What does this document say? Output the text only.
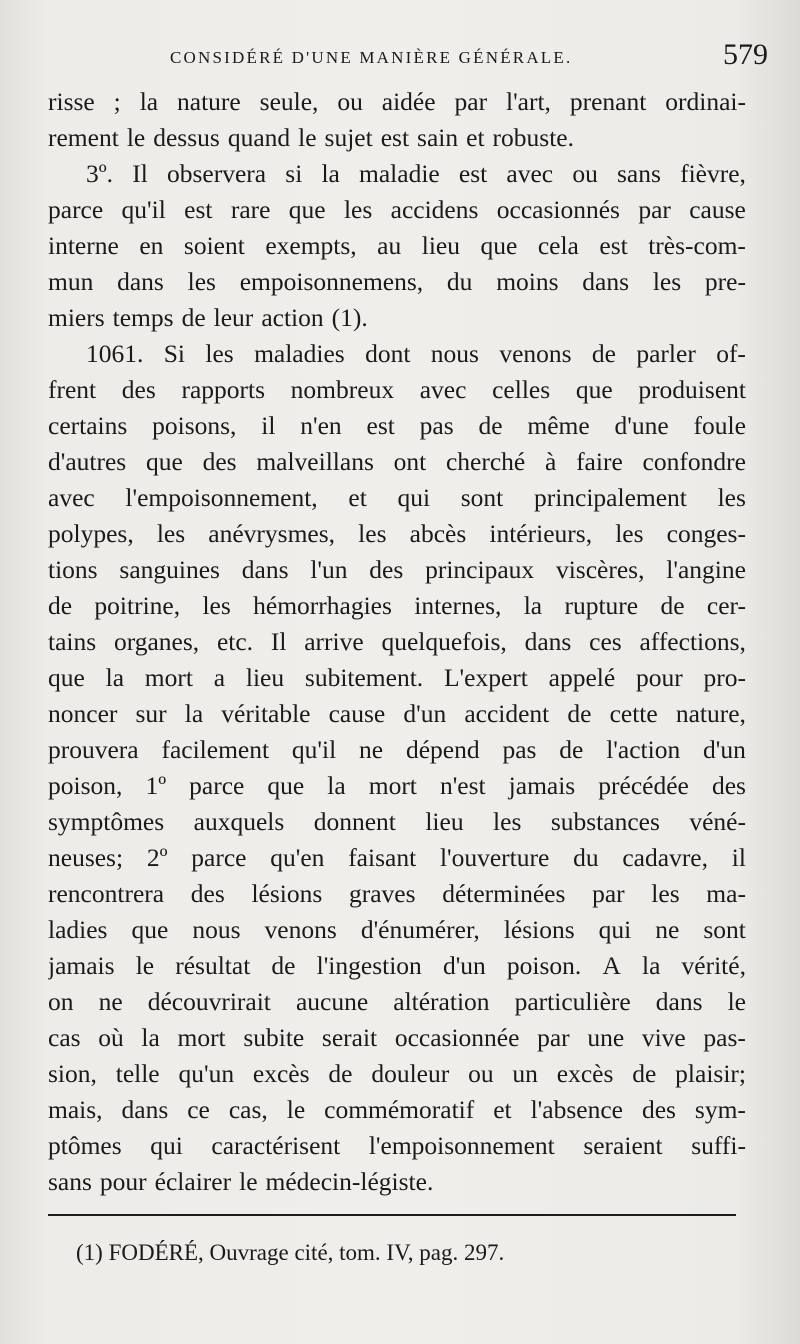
CONSIDÉRÉ D'UNE MANIÈRE GÉNÉRALE.	579
risse ; la nature seule, ou aidée par l'art, prenant ordinai-
rement le dessus quand le sujet est sain et robuste.
3º. Il observera si la maladie est avec ou sans fièvre,
parce qu'il est rare que les accidens occasionnés par cause
interne en soient exempts, au lieu que cela est très-com-
mun dans les empoisonnemens, du moins dans les pre-
miers temps de leur action (1).
1061. Si les maladies dont nous venons de parler of-
frent des rapports nombreux avec celles que produisent
certains poisons, il n'en est pas de même d'une foule
d'autres que des malveillans ont cherché à faire confondre
avec l'empoisonnement, et qui sont principalement les
polypes, les anévrysmes, les abcès intérieurs, les conges-
tions sanguines dans l'un des principaux viscères, l'angine
de poitrine, les hémorrhagies internes, la rupture de cer-
tains organes, etc. Il arrive quelquefois, dans ces affections,
que la mort a lieu subitement. L'expert appelé pour pro-
noncer sur la véritable cause d'un accident de cette nature,
prouvera facilement qu'il ne dépend pas de l'action d'un
poison, 1º parce que la mort n'est jamais précédée des
symptômes auxquels donnent lieu les substances véné-
neuses; 2º parce qu'en faisant l'ouverture du cadavre, il
rencontrera des lésions graves déterminées par les ma-
ladies que nous venons d'énumérer, lésions qui ne sont
jamais le résultat de l'ingestion d'un poison. A la vérité,
on ne découvrirait aucune altération particulière dans le
cas où la mort subite serait occasionnée par une vive pas-
sion, telle qu'un excès de douleur ou un excès de plaisir;
mais, dans ce cas, le commémoratif et l'absence des sym-
ptômes qui caractérisent l'empoisonnement seraient suffi-
sans pour éclairer le médecin-légiste.
(1) FODÉRÉ, Ouvrage cité, tom. IV, pag. 297.
